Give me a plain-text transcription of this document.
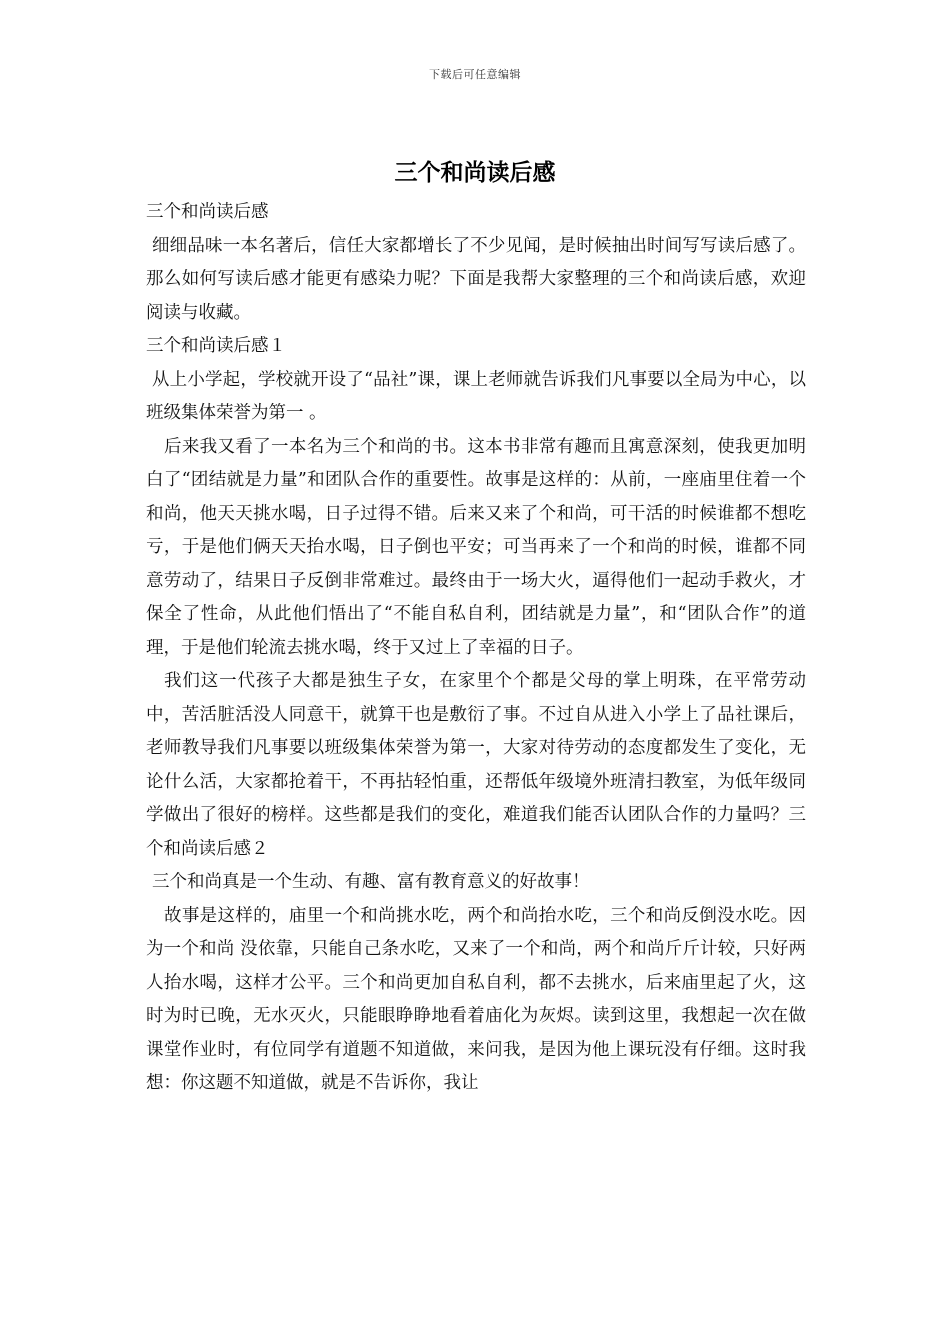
下载后可任意编辑
三个和尚读后感

三个和尚读后感

细细品味一本名著后，信任大家都增长了不少见闻，是时候抽出时间写写读后感了。那么如何写读后感才能更有感染力呢？下面是我帮大家整理的三个和尚读后感，欢迎阅读与收藏。

三个和尚读后感１

从上小学起，学校就开设了“品社”课，课上老师就告诉我们凡事要以全局为中心，以班级集体荣誉为第一 。

后来我又看了一本名为三个和尚的书。这本书非常有趣而且寓意深刻，使我更加明白了“团结就是力量”和团队合作的重要性。故事是这样的：从前，一座庙里住着一个和尚，他天天挑水喝，日子过得不错。后来又来了个和尚，可干活的时候谁都不想吃亏，于是他们俩天天抬水喝，日子倒也平安；可当再来了一个和尚的时候，谁都不同意劳动了，结果日子反倒非常难过。最终由于一场大火，逼得他们一起动手救火，才保全了性命，从此他们悟出了“不能自私自利，团结就是力量”，和“团队合作”的道理，于是他们轮流去挑水喝，终于又过上了幸福的日子。

我们这一代孩子大都是独生子女，在家里个个都是父母的掌上明珠，在平常劳动中，苦活脏活没人同意干，就算干也是敷衍了事。不过自从进入小学上了品社课后，老师教导我们凡事要以班级集体荣誉为第一，大家对待劳动的态度都发生了变化，无论什么活，大家都抢着干，不再拈轻怕重，还帮低年级境外班清扫教室，为低年级同学做出了很好的榜样。这些都是我们的变化，难道我们能否认团队合作的力量吗？三个和尚读后感２

三个和尚真是一个生动、有趣、富有教育意义的好故事！

故事是这样的，庙里一个和尚挑水吃，两个和尚抬水吃，三个和尚反倒没水吃。因为一个和尚 没依靠，只能自己条水吃，又来了一个和尚，两个和尚斤斤计较，只好两人抬水喝，这样才公平。三个和尚更加自私自利，都不去挑水，后来庙里起了火，这时为时已晚，无水灭火，只能眼睁睁地看着庙化为灰烬。读到这里，我想起一次在做课堂作业时，有位同学有道题不知道做，来问我，是因为他上课玩没有仔细。这时我想：你这题不知道做，就是不告诉你，我让
